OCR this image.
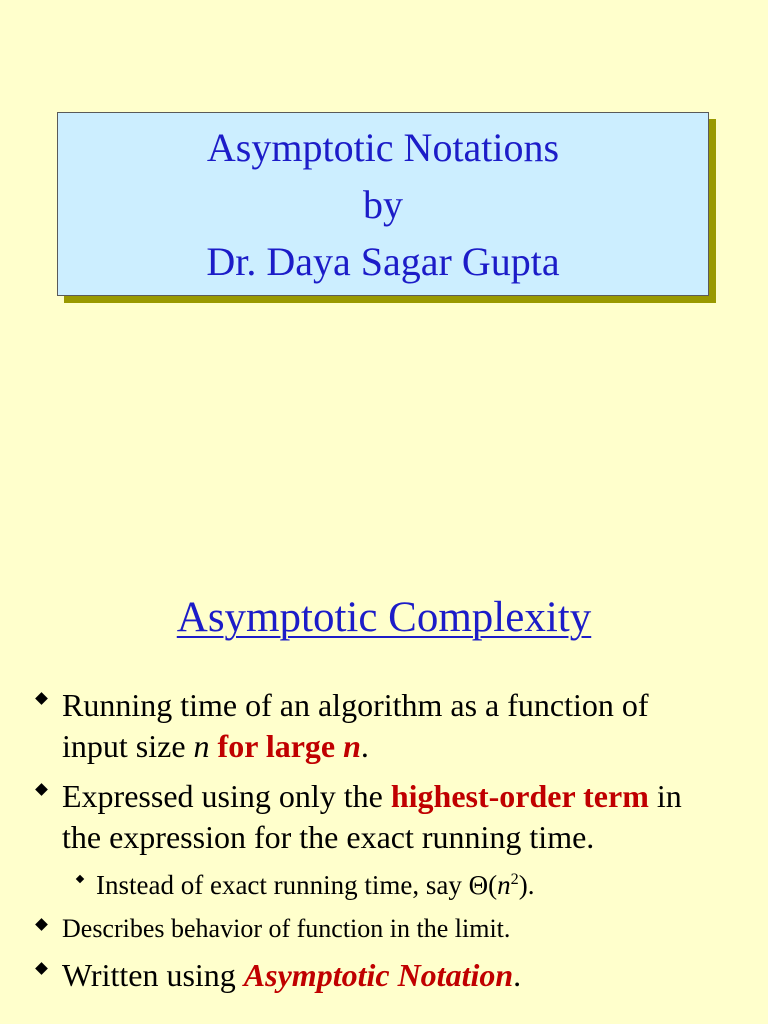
Asymptotic Notations
by
Dr. Daya Sagar Gupta
Asymptotic Complexity
Running time of an algorithm as a function of
input size n for large n.
Expressed using only the highest-order term in
the expression for the exact running time.
Instead of exact running time, say $\Theta(n^2)$.
Describes behavior of function in the limit.
Written using Asymptotic Notation.
